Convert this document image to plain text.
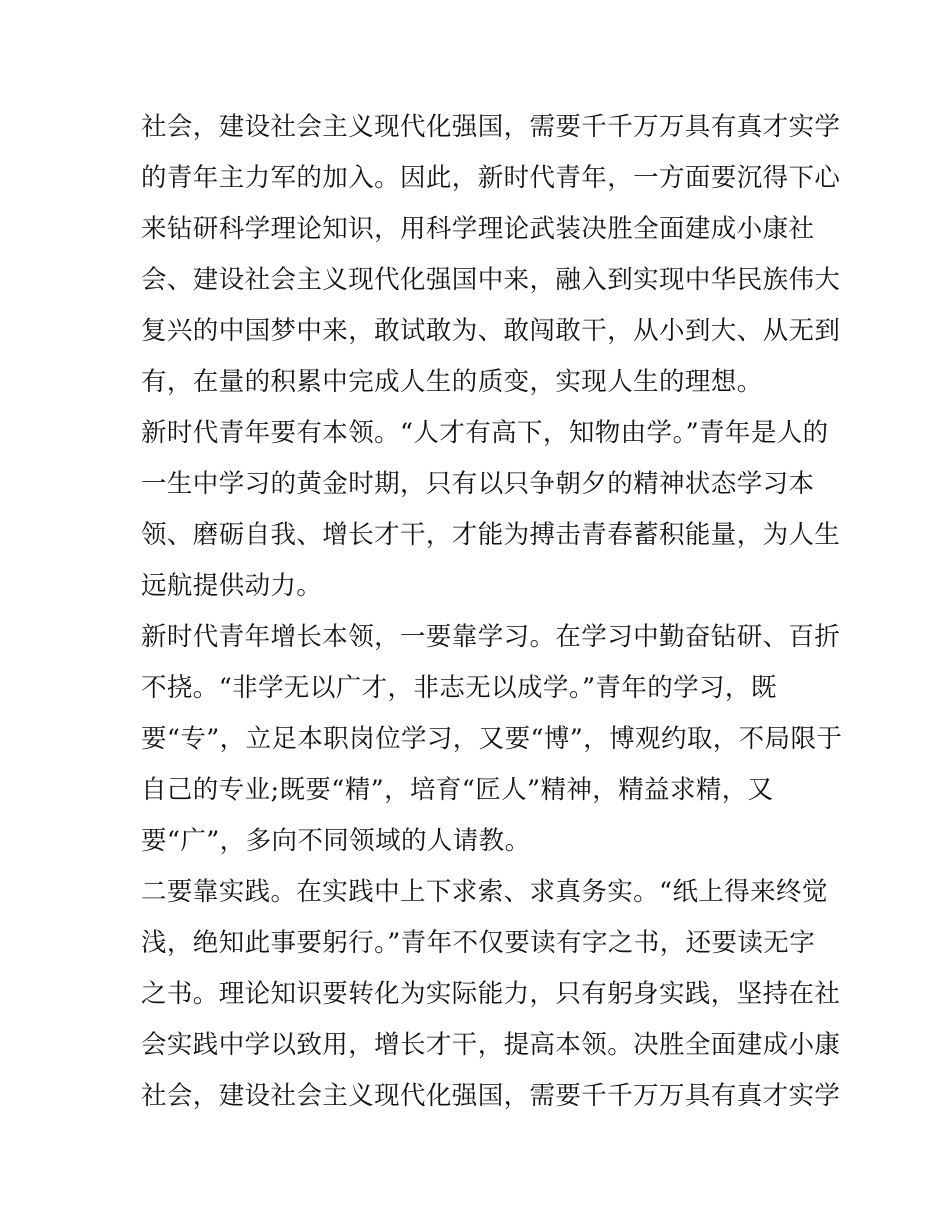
社会，建设社会主义现代化强国，需要千千万万具有真才实学
的青年主力军的加入。因此，新时代青年，一方面要沉得下心
来钻研科学理论知识，用科学理论武装决胜全面建成小康社
会、建设社会主义现代化强国中来，融入到实现中华民族伟大
复兴的中国梦中来，敢试敢为、敢闯敢干，从小到大、从无到
有，在量的积累中完成人生的质变，实现人生的理想。
新时代青年要有本领。“人才有高下，知物由学。”青年是人的
一生中学习的黄金时期，只有以只争朝夕的精神状态学习本
领、磨砺自我、增长才干，才能为搏击青春蓄积能量，为人生
远航提供动力。
新时代青年增长本领，一要靠学习。在学习中勤奋钻研、百折
不挠。“非学无以广才，非志无以成学。”青年的学习，既
要“专”，立足本职岗位学习，又要“博”，博观约取，不局限于
自己的专业;既要“精”，培育“匠人”精神，精益求精，又
要“广”，多向不同领域的人请教。
二要靠实践。在实践中上下求索、求真务实。“纸上得来终觉
浅，绝知此事要躬行。”青年不仅要读有字之书，还要读无字
之书。理论知识要转化为实际能力，只有躬身实践，坚持在社
会实践中学以致用，增长才干，提高本领。决胜全面建成小康
社会，建设社会主义现代化强国，需要千千万万具有真才实学
